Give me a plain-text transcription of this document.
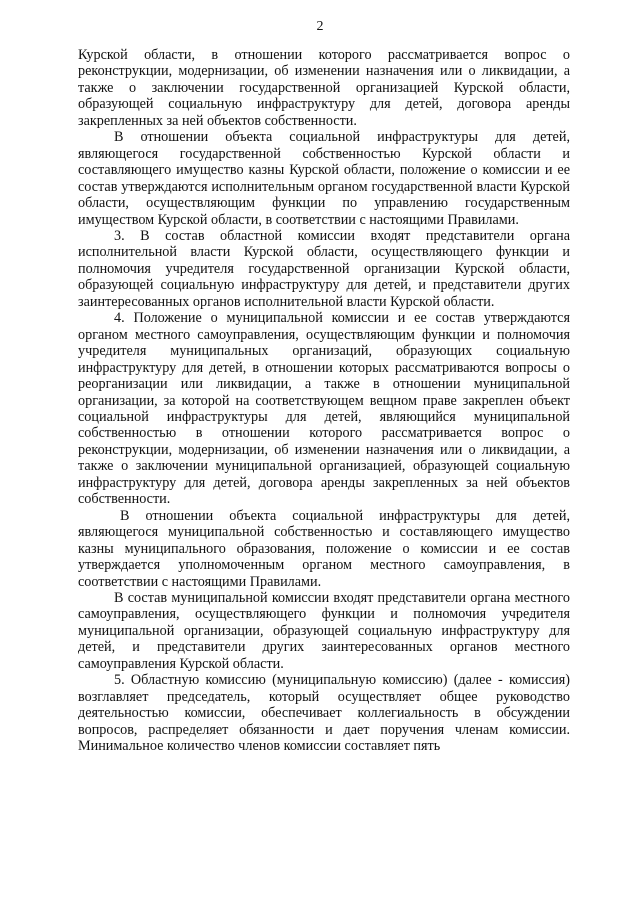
2

Курской области, в отношении которого рассматривается вопрос о реконструкции, модернизации, об изменении назначения или о ликвидации, а также о заключении государственной организацией Курской области, образующей социальную инфраструктуру для детей, договора аренды закрепленных за ней объектов собственности.

В отношении объекта социальной инфраструктуры для детей, являющегося государственной собственностью Курской области и составляющего имущество казны Курской области, положение о комиссии и ее состав утверждаются исполнительным органом государственной власти Курской области, осуществляющим функции по управлению государственным имуществом Курской области, в соответствии с настоящими Правилами.

3. В состав областной комиссии входят представители органа исполнительной власти Курской области, осуществляющего функции и полномочия учредителя государственной организации Курской области, образующей социальную инфраструктуру для детей, и представители других заинтересованных органов исполнительной власти Курской области.

4. Положение о муниципальной комиссии и ее состав утверждаются органом местного самоуправления, осуществляющим функции и полномочия учредителя муниципальных организаций, образующих социальную инфраструктуру для детей, в отношении которых рассматриваются вопросы о реорганизации или ликвидации, а также в отношении муниципальной организации, за которой на соответствующем вещном праве закреплен объект социальной инфраструктуры для детей, являющийся муниципальной собственностью в отношении которого рассматривается вопрос о реконструкции, модернизации, об изменении назначения или о ликвидации, а также о заключении муниципальной организацией, образующей социальную инфраструктуру для детей, договора аренды закрепленных за ней объектов собственности.

В отношении объекта социальной инфраструктуры для детей, являющегося муниципальной собственностью и составляющего имущество казны муниципального образования, положение о комиссии и ее состав утверждается уполномоченным органом местного самоуправления, в соответствии с настоящими Правилами.

В состав муниципальной комиссии входят представители органа местного самоуправления, осуществляющего функции и полномочия учредителя муниципальной организации, образующей социальную инфраструктуру для детей, и представители других заинтересованных органов местного самоуправления Курской области.

5. Областную комиссию (муниципальную комиссию) (далее - комиссия) возглавляет председатель, который осуществляет общее руководство деятельностью комиссии, обеспечивает коллегиальность в обсуждении вопросов, распределяет обязанности и дает поручения членам комиссии. Минимальное количество членов комиссии составляет пять
